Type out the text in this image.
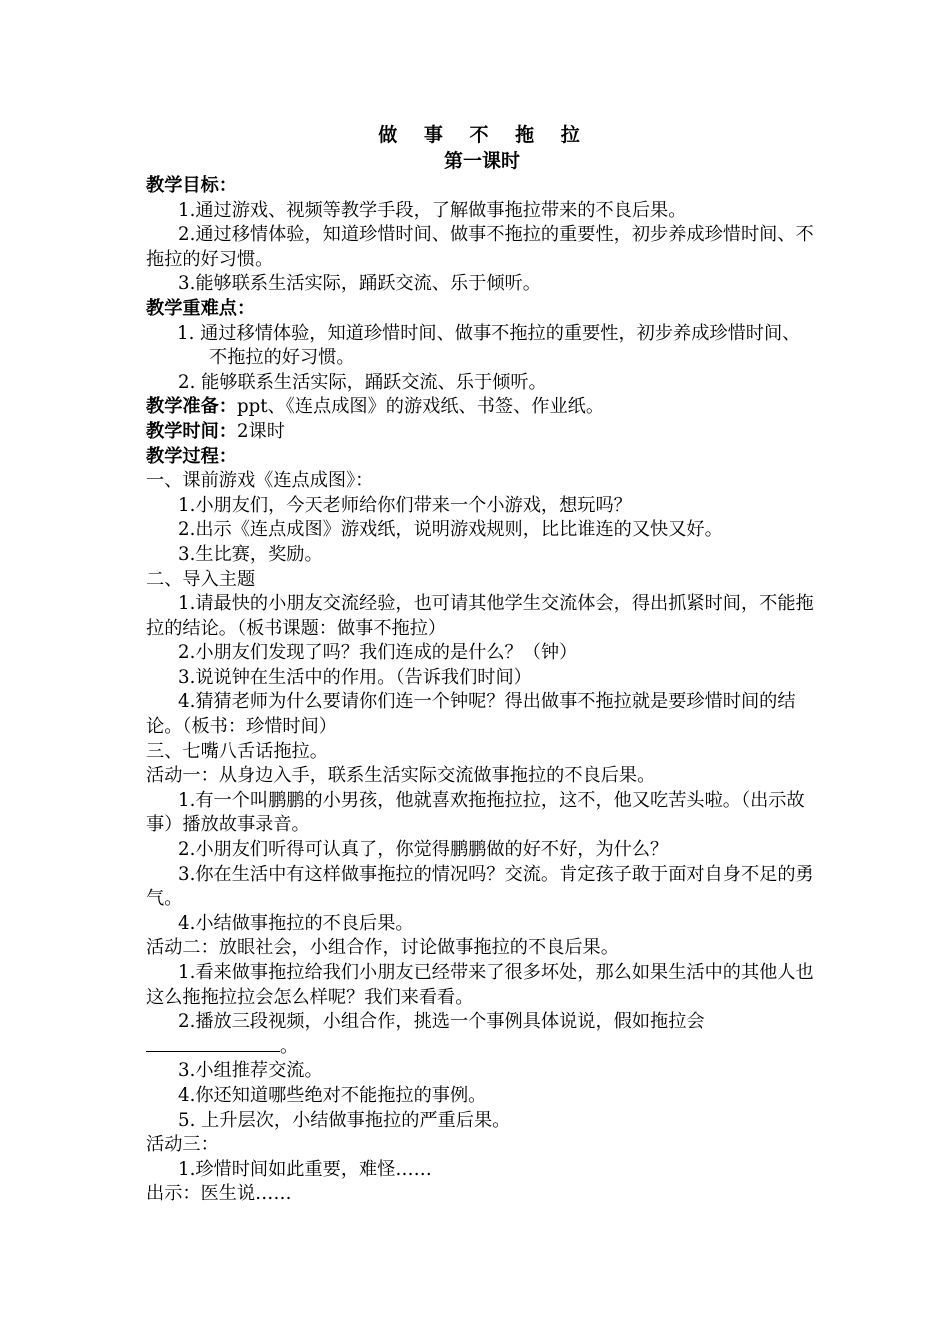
做 事 不 拖 拉

第一课时

教学目标：

1.通过游戏、视频等教学手段，了解做事拖拉带来的不良后果。

2.通过移情体验，知道珍惜时间、做事不拖拉的重要性，初步养成珍惜时间、不拖拉的好习惯。

3.能够联系生活实际，踊跃交流、乐于倾听。

教学重难点：

1. 通过移情体验，知道珍惜时间、做事不拖拉的重要性，初步养成珍惜时间、不拖拉的好习惯。

2. 能够联系生活实际，踊跃交流、乐于倾听。

教学准备：ppt、《连点成图》的游戏纸、书签、作业纸。

教学时间：2课时

教学过程：

一、课前游戏《连点成图》：

1.小朋友们，今天老师给你们带来一个小游戏，想玩吗？

2.出示《连点成图》游戏纸，说明游戏规则，比比谁连的又快又好。

3.生比赛，奖励。

二、导入主题

1.请最快的小朋友交流经验，也可请其他学生交流体会，得出抓紧时间，不能拖拉的结论。（板书课题：做事不拖拉）

2.小朋友们发现了吗？我们连成的是什么？（钟）

3.说说钟在生活中的作用。（告诉我们时间）

4.猜猜老师为什么要请你们连一个钟呢？得出做事不拖拉就是要珍惜时间的结论。（板书：珍惜时间）

三、七嘴八舌话拖拉。

活动一：从身边入手，联系生活实际交流做事拖拉的不良后果。

1.有一个叫鹏鹏的小男孩，他就喜欢拖拖拉拉，这不，他又吃苦头啦。（出示故事）播放故事录音。

2.小朋友们听得可认真了，你觉得鹏鹏做的好不好，为什么？

3.你在生活中有这样做事拖拉的情况吗？交流。肯定孩子敢于面对自身不足的勇气。

4.小结做事拖拉的不良后果。

活动二：放眼社会，小组合作，讨论做事拖拉的不良后果。

1.看来做事拖拉给我们小朋友已经带来了很多坏处，那么如果生活中的其他人也这么拖拖拉拉会怎么样呢？我们来看看。

2.播放三段视频，小组合作，挑选一个事例具体说说，假如拖拉会。

3.小组推荐交流。

4.你还知道哪些绝对不能拖拉的事例。

5. 上升层次，小结做事拖拉的严重后果。

活动三：

1.珍惜时间如此重要，难怪……

出示：医生说……
